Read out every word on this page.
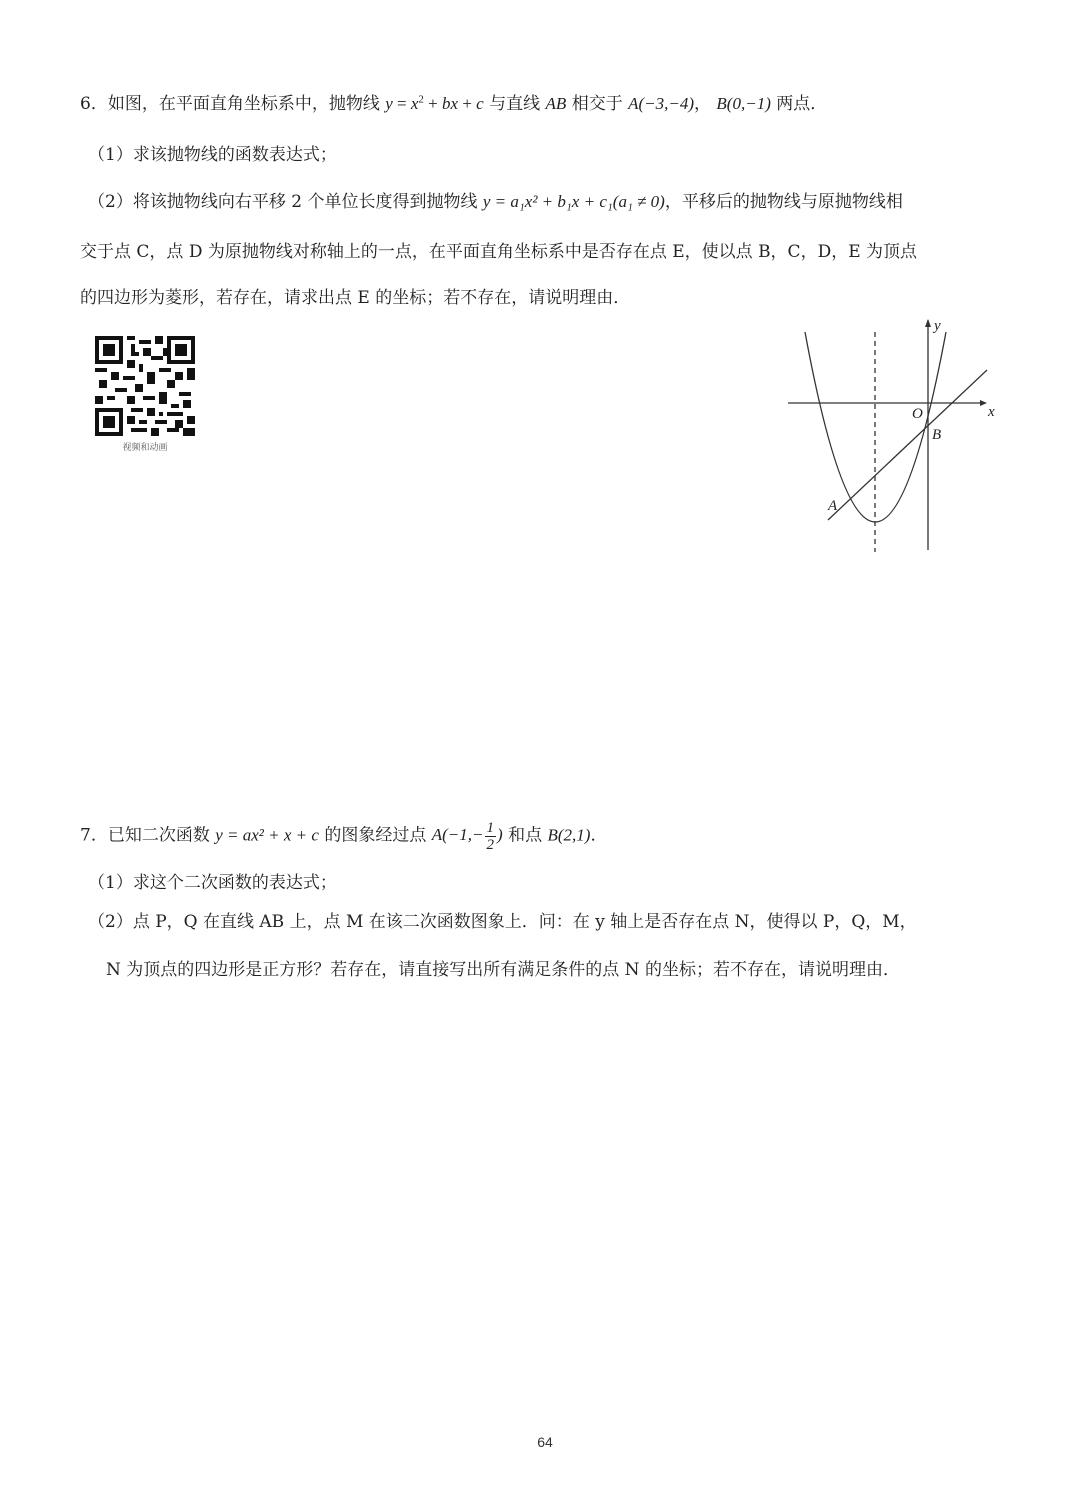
6．如图，在平面直角坐标系中，抛物线 $y = x^2$ + bx + c 与直线 AB 相交于 A(−3,−4)， B(0,−1) 两点．
（1）求该抛物线的函数表达式；
（2）将该抛物线向右平移 2 个单位长度得到抛物线 y = a₁x² + b₁x + c₁(a₁ ≠ 0)，平移后的抛物线与原抛物线相
交于点 C，点 D 为原抛物线对称轴上的一点，在平面直角坐标系中是否存在点 E，使以点 B，C，D，E 为顶点
的四边形为菱形，若存在，请求出点 E 的坐标；若不存在，请说明理由．
视频和动画
y
x
O
B
A
7．已知二次函数 y = ax² + x + c 的图象经过点 $A(-1,- \frac{1}{2}$ ) 和点 B(2,1)．
（1）求这个二次函数的表达式；
（2）点 P，Q 在直线 AB 上，点 M 在该二次函数图象上．问：在 y 轴上是否存在点 N，使得以 P，Q，M，
N 为顶点的四边形是正方形？若存在，请直接写出所有满足条件的点 N 的坐标；若不存在，请说明理由．
64
